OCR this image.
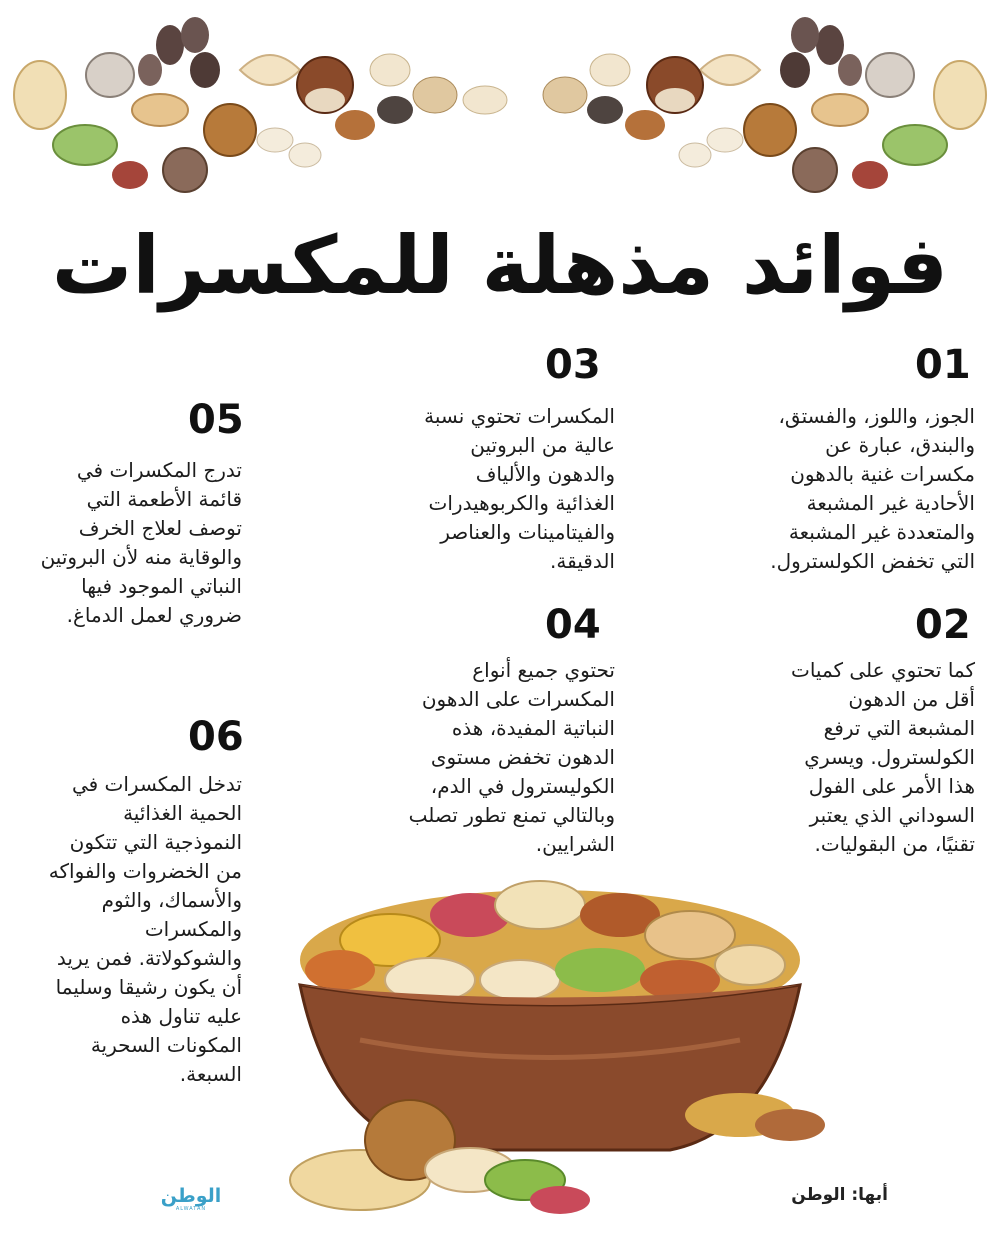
فوائد مذهلة للمكسرات
01
الجوز، واللوز، والفستق،
والبندق، عبارة عن
مكسرات غنية بالدهون
الأحادية غير المشبعة
والمتعددة غير المشبعة
التي تخفض الكولسترول.
02
كما تحتوي على كميات
أقل من الدهون
المشبعة التي ترفع
الكولسترول. ويسري
هذا الأمر على الفول
السوداني الذي يعتبر
تقنيًا، من البقوليات.
03
المكسرات تحتوي نسبة
عالية من البروتين
والدهون والألياف
الغذائية والكربوهيدرات
والفيتامينات والعناصر
الدقيقة.
04
تحتوي جميع أنواع
المكسرات على الدهون
النباتية المفيدة، هذه
الدهون تخفض مستوى
الكوليسترول في الدم،
وبالتالي تمنع تطور تصلب
الشرايين.
05
تدرج المكسرات في
قائمة الأطعمة التي
توصف لعلاج الخرف
والوقاية منه لأن البروتين
النباتي الموجود فيها
ضروري لعمل الدماغ.
06
تدخل المكسرات في
الحمية الغذائية
النموذجية التي تتكون
من الخضروات والفواكه
والأسماك، والثوم
والمكسرات
والشوكولاتة. فمن يريد
أن يكون رشيقا وسليما
عليه تناول هذه
المكونات السحرية
السبعة.
أبها: الوطن
الوطن
ALWATAN
